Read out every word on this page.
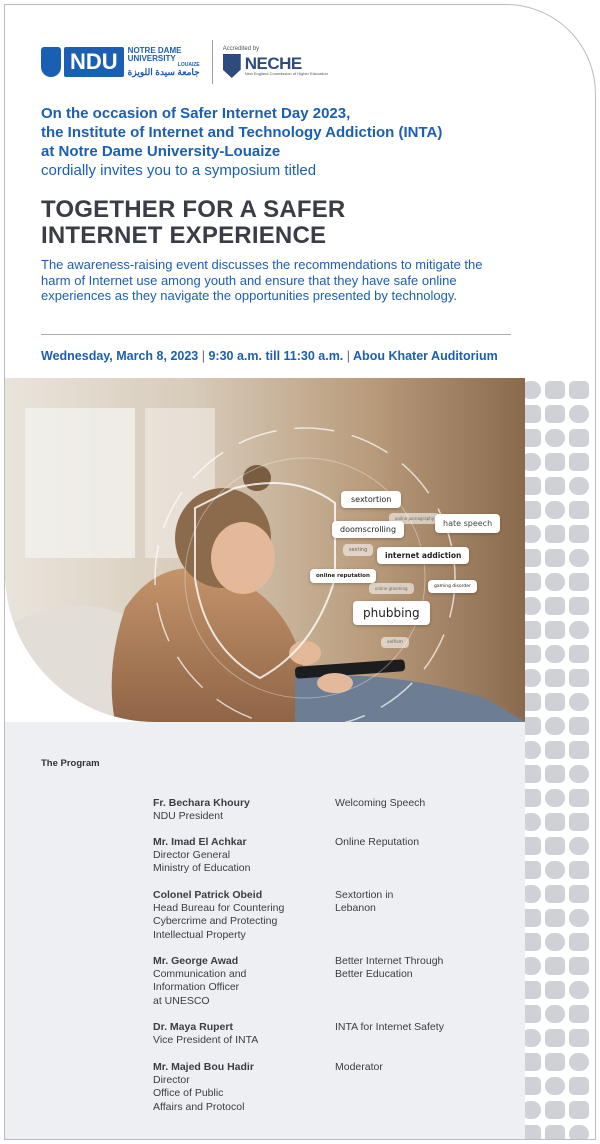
NDU	NOTRE DAME
UNIVERSITY
LOUAIZE
جامعة سيدة اللويزة
Accredited by
NECHE
New England Commission of Higher Education
On the occasion of Safer Internet Day 2023,
the Institute of Internet and Technology Addiction (INTA)
at Notre Dame University-Louaize
cordially invites you to a symposium titled
TOGETHER FOR A SAFER
INTERNET EXPERIENCE
The awareness-raising event discusses the recommendations to mitigate the harm of Internet use among youth and ensure that they have safe online experiences as they navigate the opportunities presented by technology.
Wednesday, March 8, 2023 | 9:30 a.m. till 11:30 a.m. | Abou Khater Auditorium
sextortion
online pornography
hate speech
doomscrolling
sexting
internet addiction
online reputation
online grooming	gaming disorder
phubbing
selfism
The Program
Fr. Bechara Khoury
NDU President
Welcoming Speech
Mr. Imad El Achkar
Director General
Ministry of Education
Online Reputation
Colonel Patrick Obeid
Head Bureau for Countering
Cybercrime and Protecting
Intellectual Property
Sextortion in
Lebanon
Mr. George Awad
Communication and
Information Officer
at UNESCO
Better Internet Through
Better Education
Dr. Maya Rupert
Vice President of INTA
INTA for Internet Safety
Mr. Majed Bou Hadir
Director
Office of Public
Affairs and Protocol
Moderator
